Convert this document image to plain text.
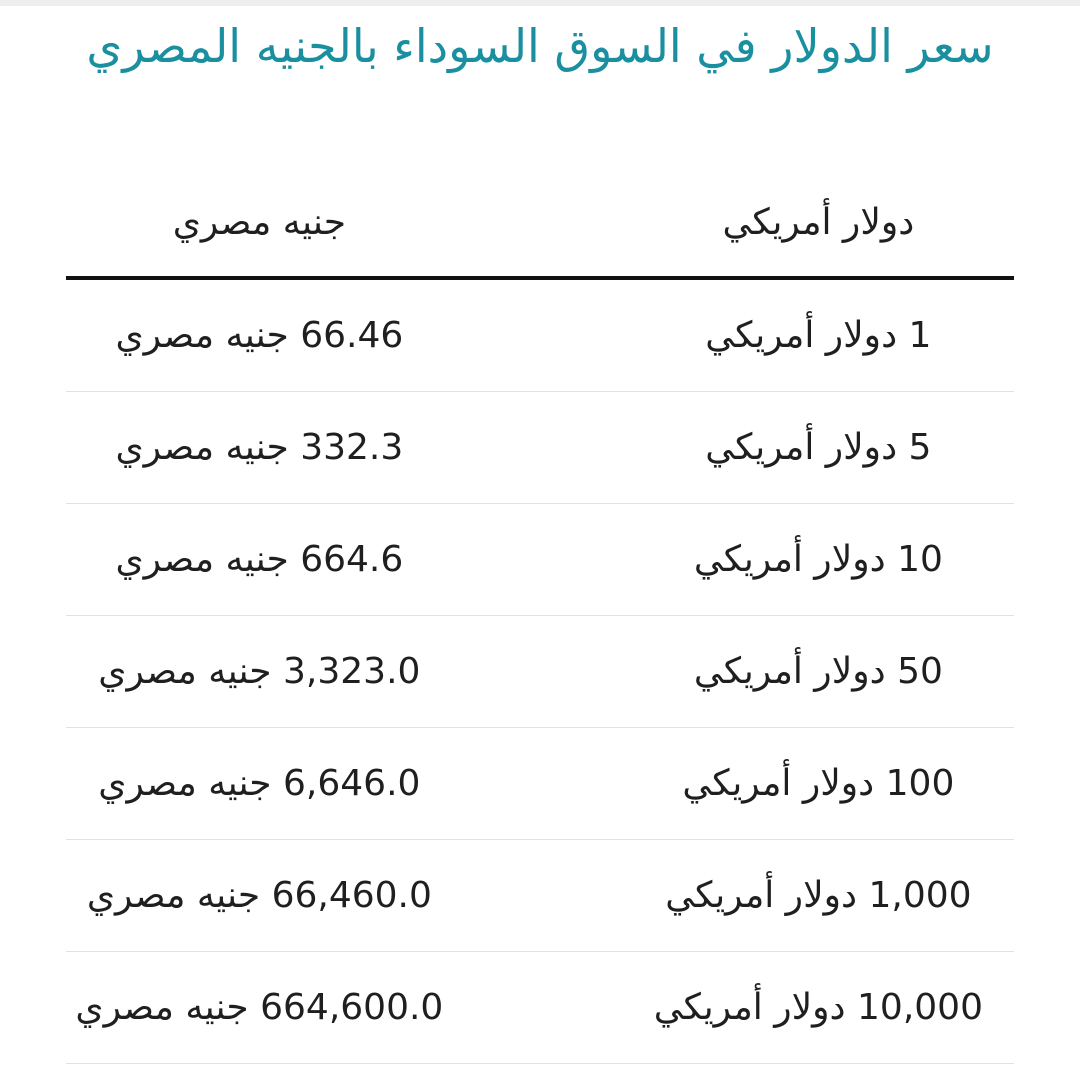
سعر الدولار في السوق السوداء بالجنيه المصري
دولار أمريكي	جنيه مصري
1 دولار أمريكي	66.46 جنيه مصري
5 دولار أمريكي	332.3 جنيه مصري
10 دولار أمريكي	664.6 جنيه مصري
50 دولار أمريكي	3,323.0 جنيه مصري
100 دولار أمريكي	6,646.0 جنيه مصري
1,000 دولار أمريكي	66,460.0 جنيه مصري
10,000 دولار أمريكي	664,600.0 جنيه مصري
